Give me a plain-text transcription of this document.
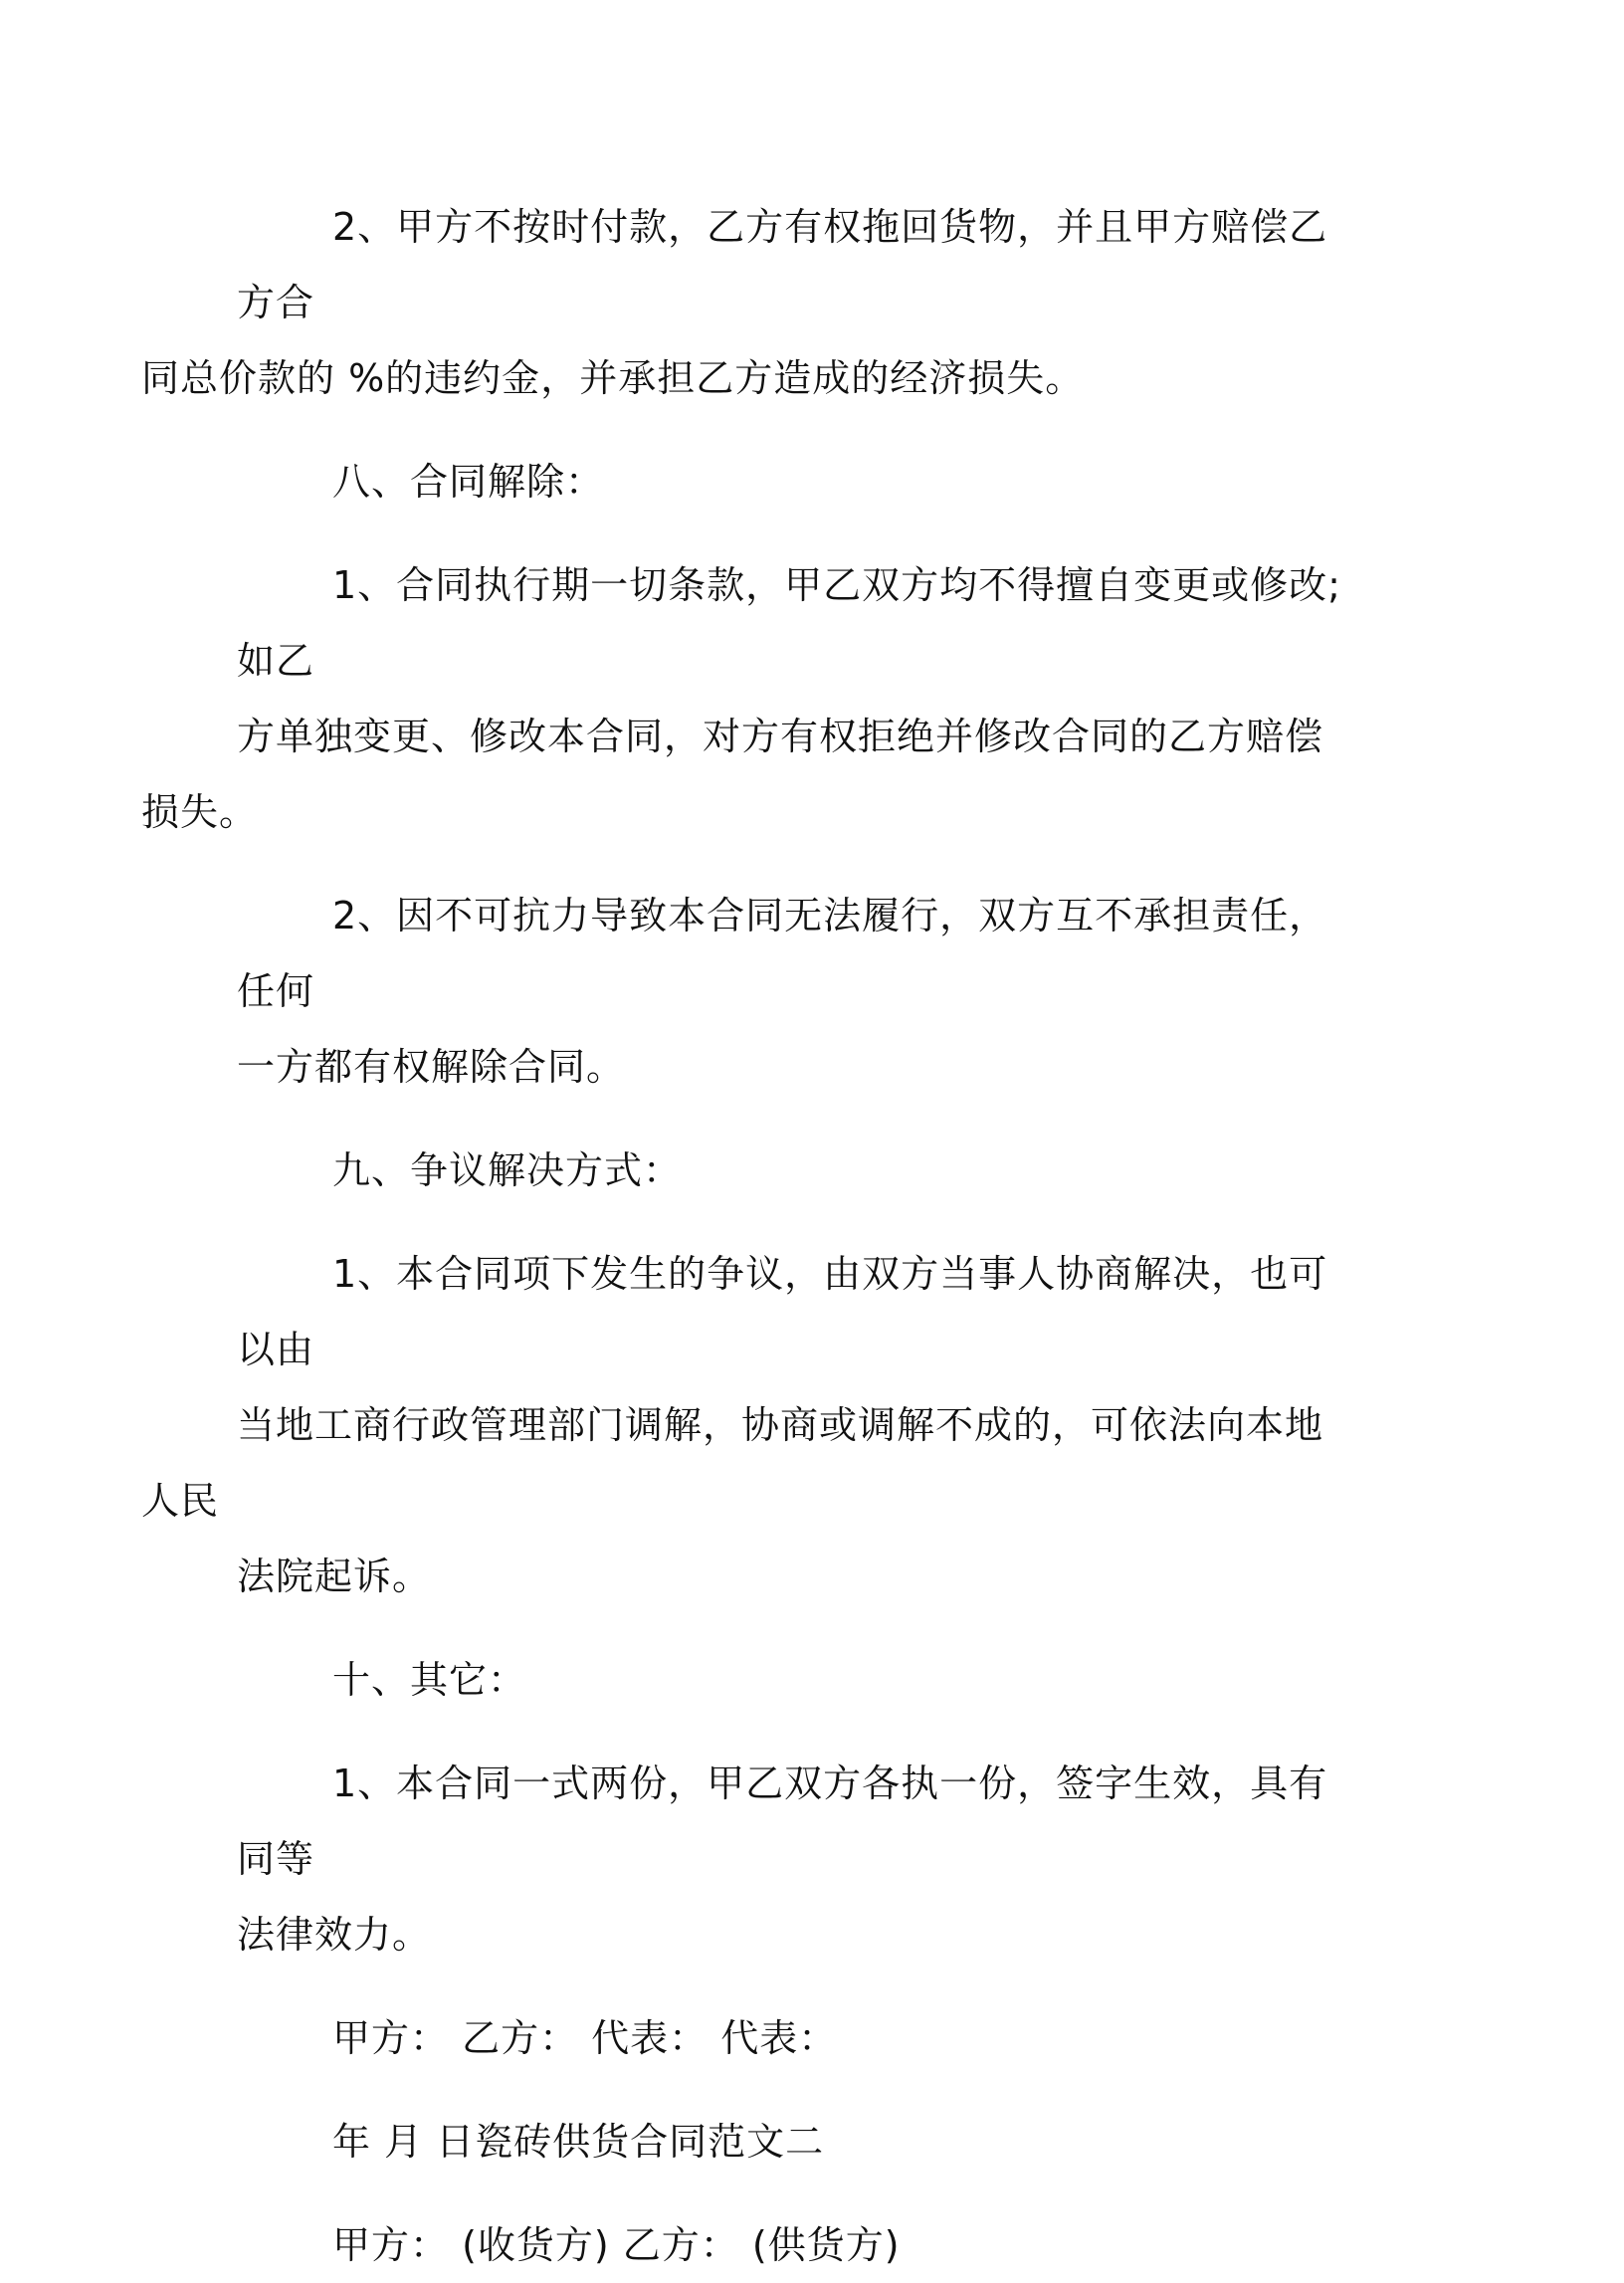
2、甲方不按时付款，乙方有权拖回货物，并且甲方赔偿乙方合
同总价款的 %的违约金，并承担乙方造成的经济损失。

八、合同解除：

1、合同执行期一切条款，甲乙双方均不得擅自变更或修改;如乙
方单独变更、修改本合同，对方有权拒绝并修改合同的乙方赔偿损失。

2、因不可抗力导致本合同无法履行，双方互不承担责任，任何
一方都有权解除合同。

九、争议解决方式：

1、本合同项下发生的争议，由双方当事人协商解决，也可以由
当地工商行政管理部门调解，协商或调解不成的，可依法向本地人民
法院起诉。

十、其它：

1、本合同一式两份，甲乙双方各执一份，签字生效，具有同等
法律效力。

甲方： 乙方： 代表： 代表：

年 月 日瓷砖供货合同范文二

甲方： (收货方) 乙方： (供货方)
